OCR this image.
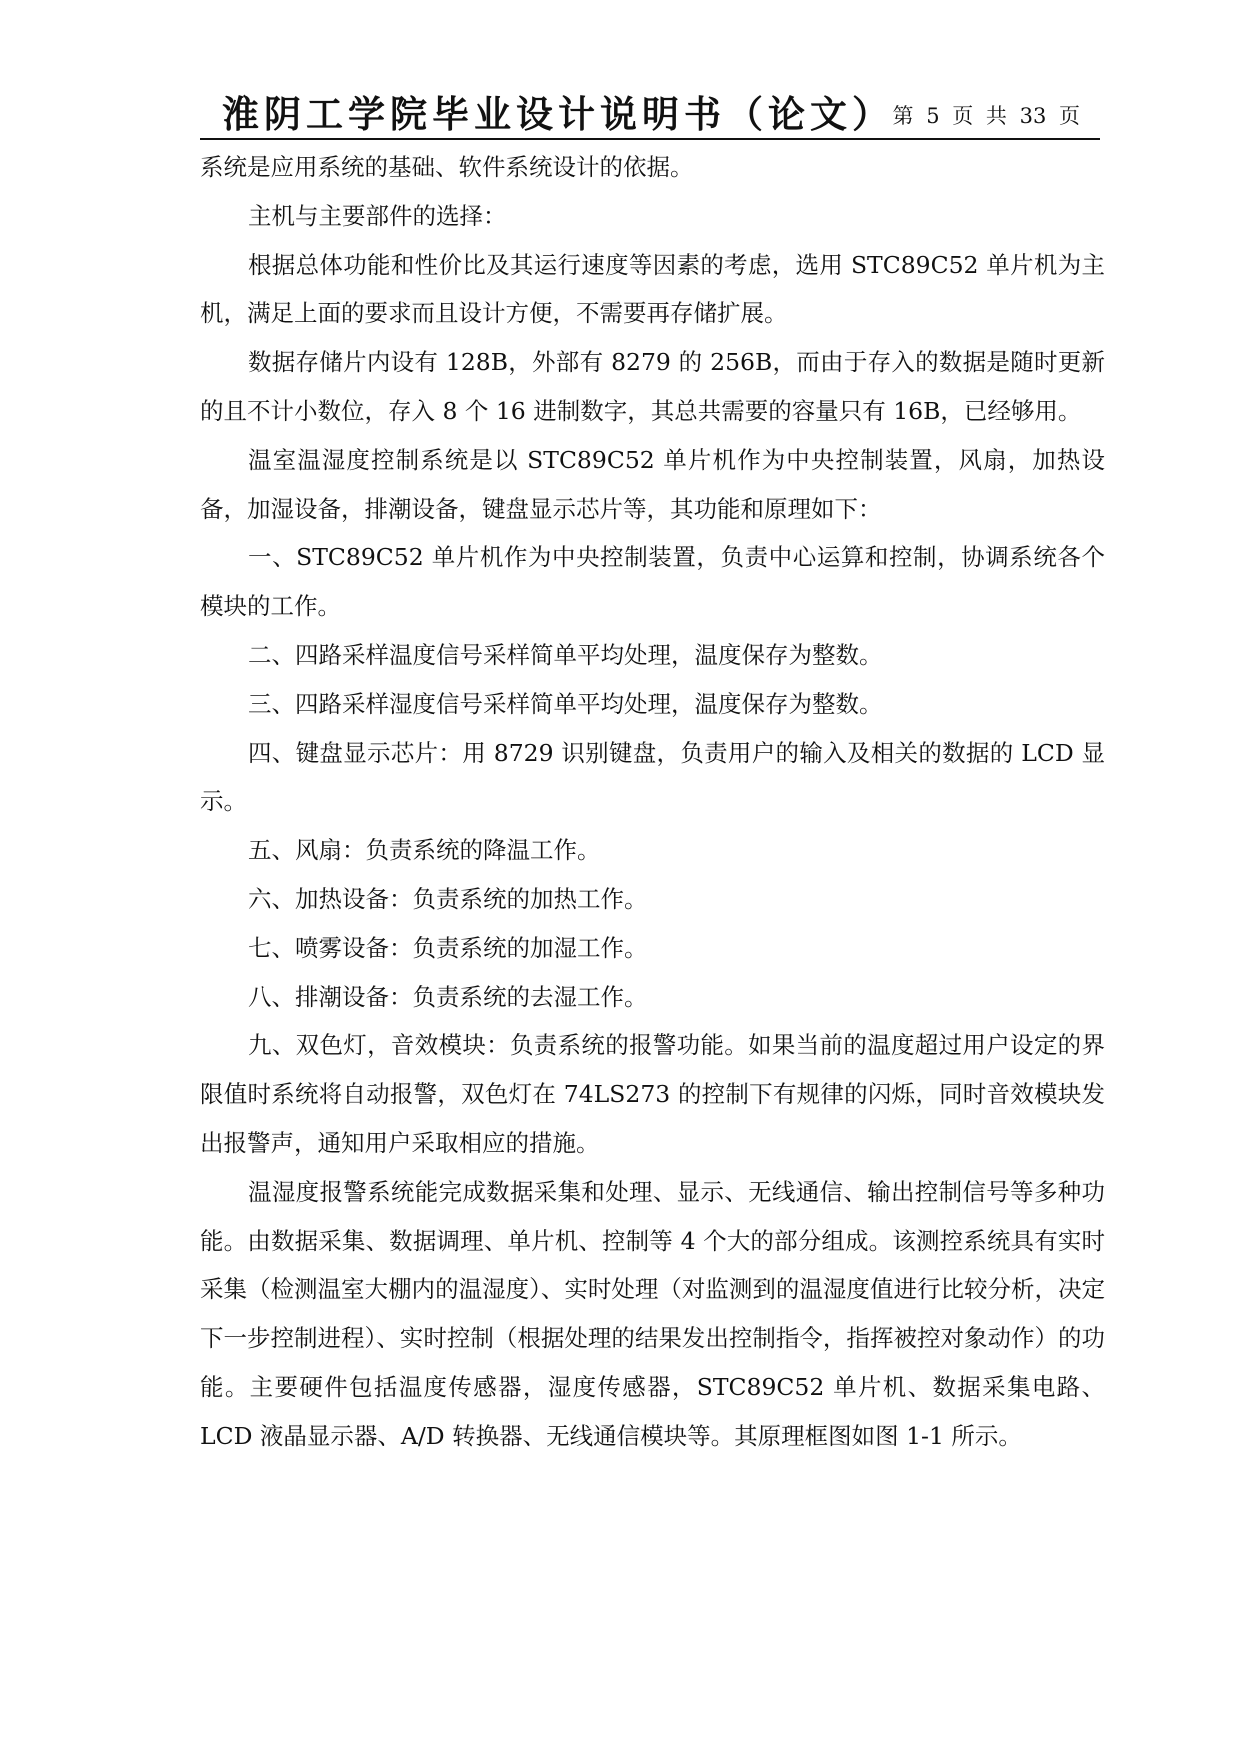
淮阴工学院毕业设计说明书（论文）
第 5 页 共 33 页

系统是应用系统的基础、软件系统设计的依据。

主机与主要部件的选择：

根据总体功能和性价比及其运行速度等因素的考虑，选用 STC89C52 单片机为主机，满足上面的要求而且设计方便，不需要再存储扩展。

数据存储片内设有 128B，外部有 8279 的 256B，而由于存入的数据是随时更新的且不计小数位，存入 8 个 16 进制数字，其总共需要的容量只有 16B，已经够用。

温室温湿度控制系统是以 STC89C52 单片机作为中央控制装置，风扇，加热设备，加湿设备，排潮设备，键盘显示芯片等，其功能和原理如下：

一、STC89C52 单片机作为中央控制装置，负责中心运算和控制，协调系统各个模块的工作。

二、四路采样温度信号采样简单平均处理，温度保存为整数。

三、四路采样湿度信号采样简单平均处理，温度保存为整数。

四、键盘显示芯片：用 8729 识别键盘，负责用户的输入及相关的数据的 LCD 显示。

五、风扇：负责系统的降温工作。

六、加热设备：负责系统的加热工作。

七、喷雾设备：负责系统的加湿工作。

八、排潮设备：负责系统的去湿工作。

九、双色灯，音效模块：负责系统的报警功能。如果当前的温度超过用户设定的界限值时系统将自动报警，双色灯在 74LS273 的控制下有规律的闪烁，同时音效模块发出报警声，通知用户采取相应的措施。

温湿度报警系统能完成数据采集和处理、显示、无线通信、输出控制信号等多种功能。由数据采集、数据调理、单片机、控制等 4 个大的部分组成。该测控系统具有实时采集（检测温室大棚内的温湿度）、实时处理（对监测到的温湿度值进行比较分析，决定下一步控制进程）、实时控制（根据处理的结果发出控制指令，指挥被控对象动作）的功能。主要硬件包括温度传感器，湿度传感器，STC89C52 单片机、数据采集电路、LCD 液晶显示器、A/D 转换器、无线通信模块等。其原理框图如图 1-1 所示。
